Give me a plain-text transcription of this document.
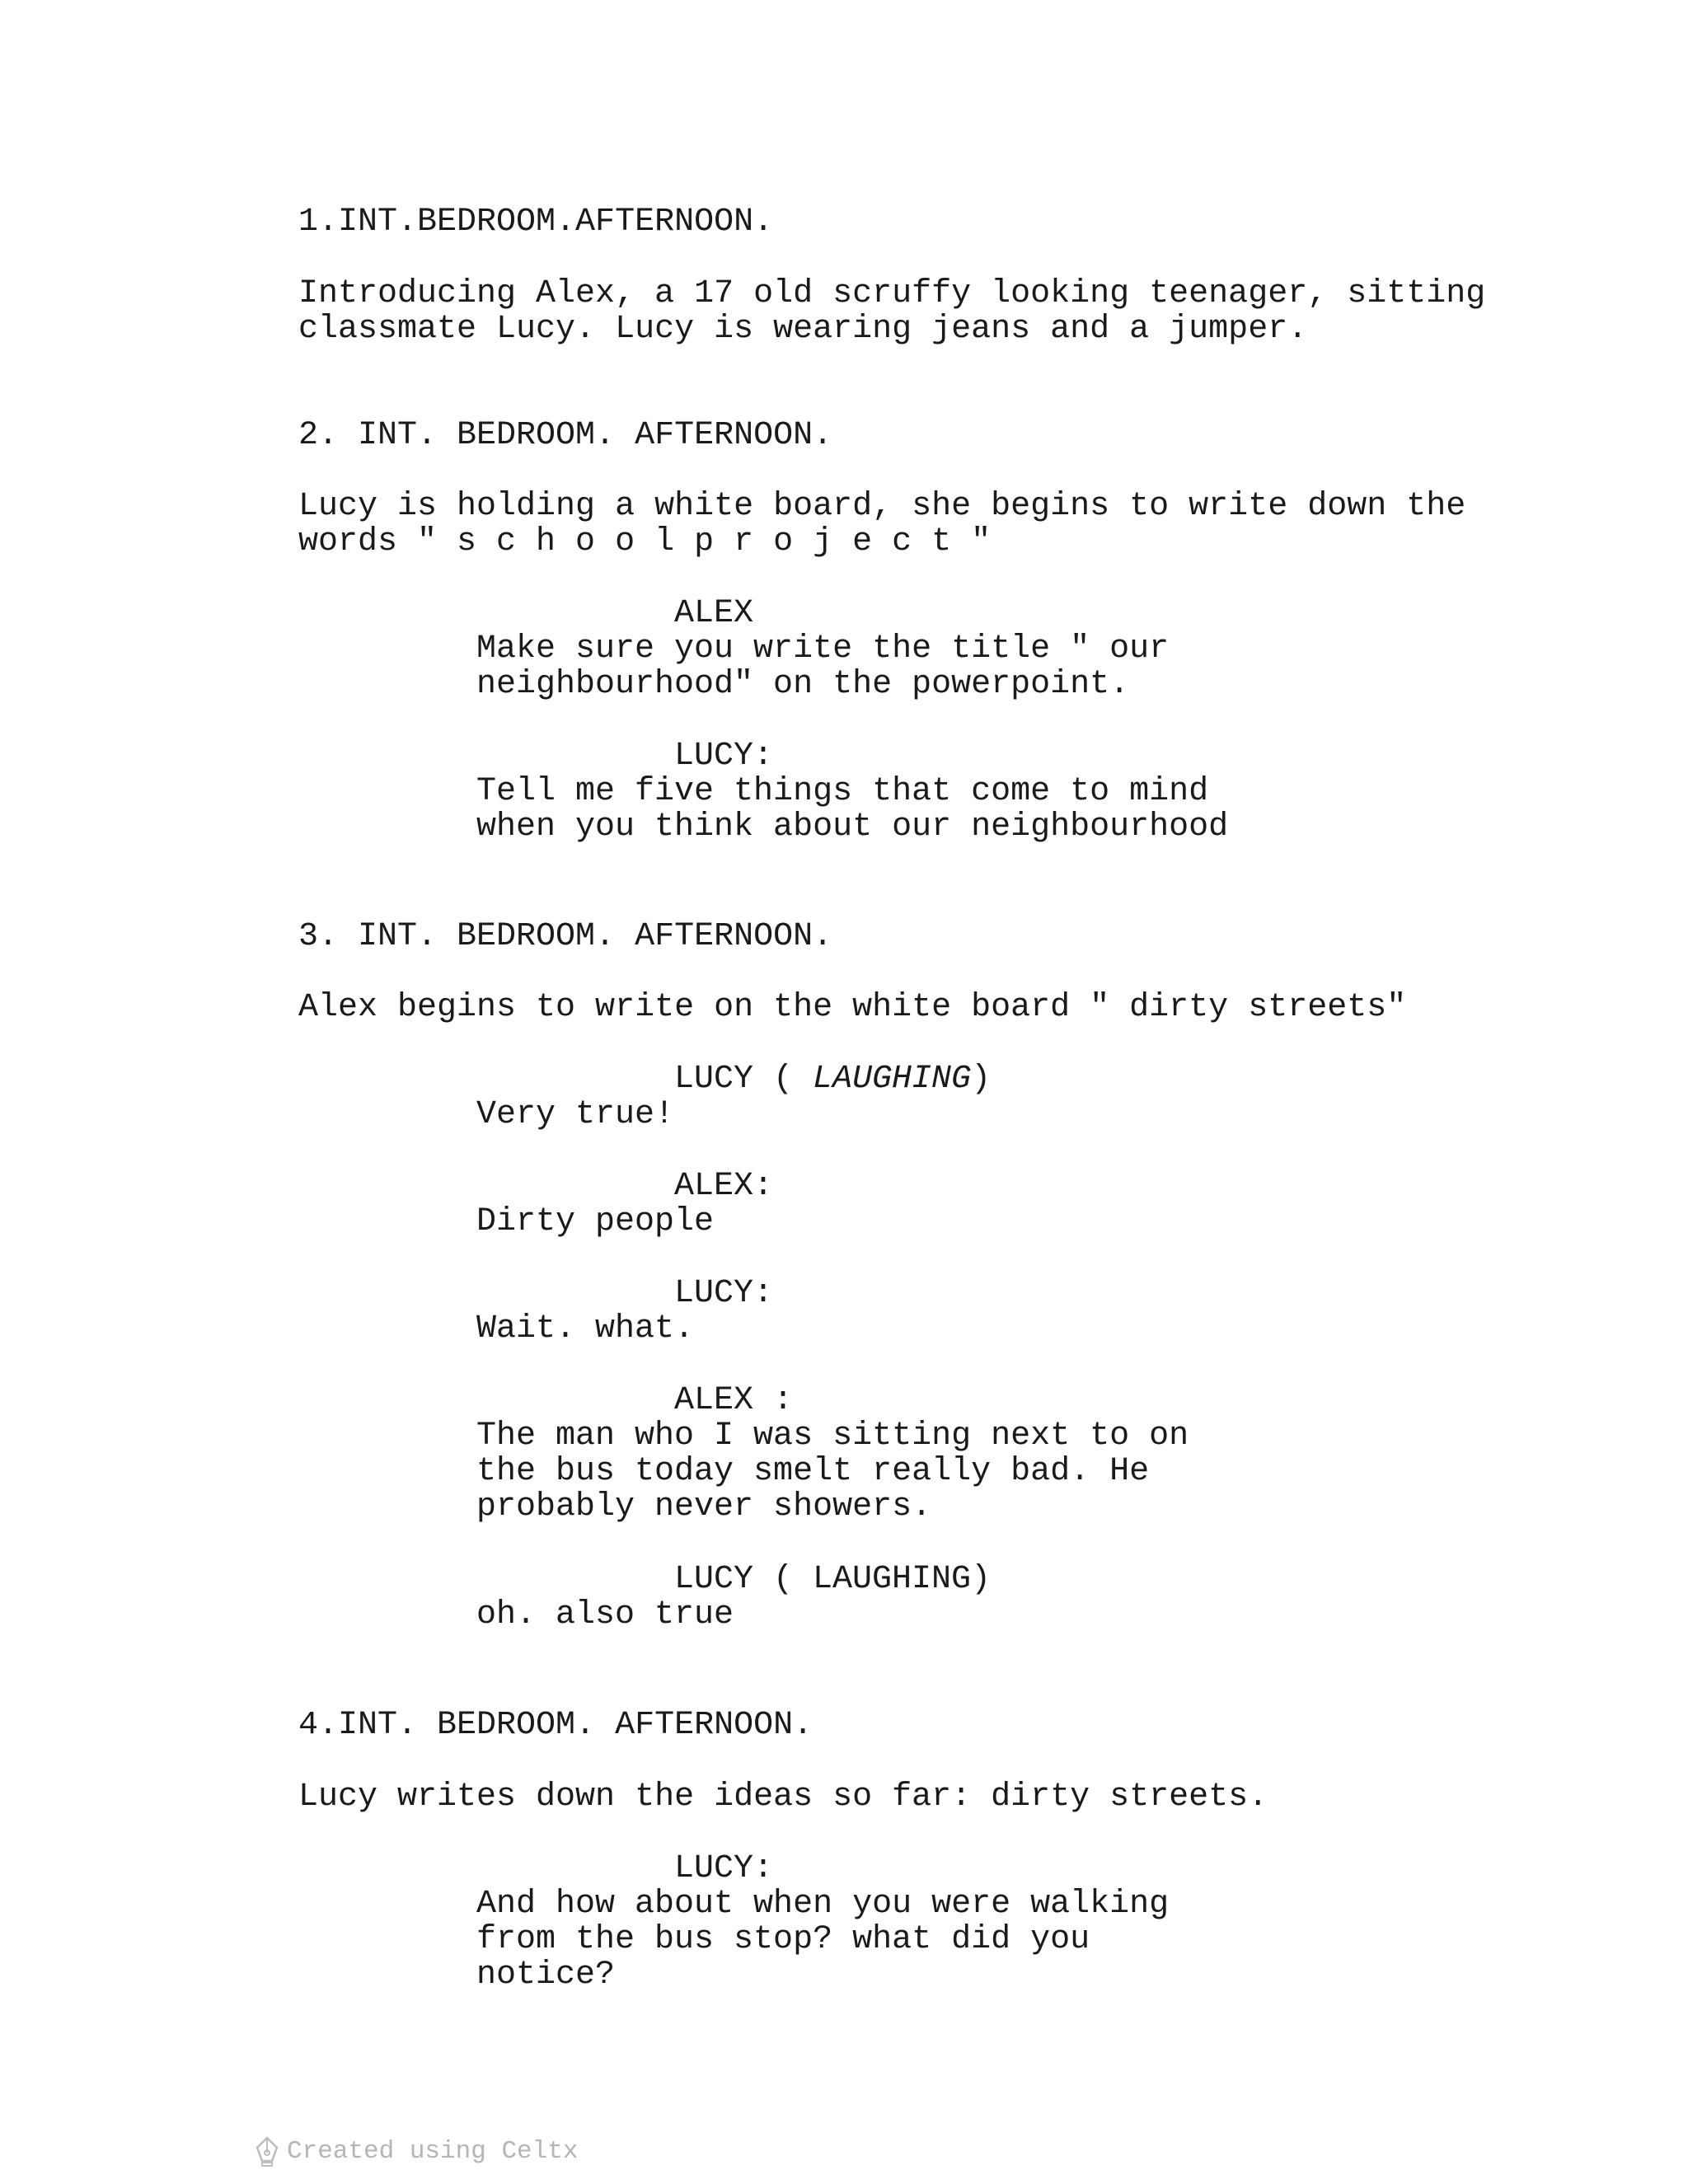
1.INT.BEDROOM.AFTERNOON.

Introducing Alex, a 17 old scruffy looking teenager, sitting

classmate Lucy. Lucy is wearing jeans and a jumper.

2. INT. BEDROOM. AFTERNOON.

Lucy is holding a white board, she begins to write down the

words " s c h o o l p r o j e c t "

ALEX

Make sure you write the title " our

neighbourhood" on the powerpoint.

LUCY:

Tell me five things that come to mind

when you think about our neighbourhood

3. INT. BEDROOM. AFTERNOON.

Alex begins to write on the white board " dirty streets"

LUCY ( LAUGHING)

Very true!

ALEX:

Dirty people

LUCY:

Wait. what.

ALEX :

The man who I was sitting next to on

the bus today smelt really bad. He

probably never showers.

LUCY ( LAUGHING)

oh. also true

4.INT. BEDROOM. AFTERNOON.

Lucy writes down the ideas so far: dirty streets.

LUCY:

And how about when you were walking

from the bus stop? what did you

notice?

Created using Celtx
